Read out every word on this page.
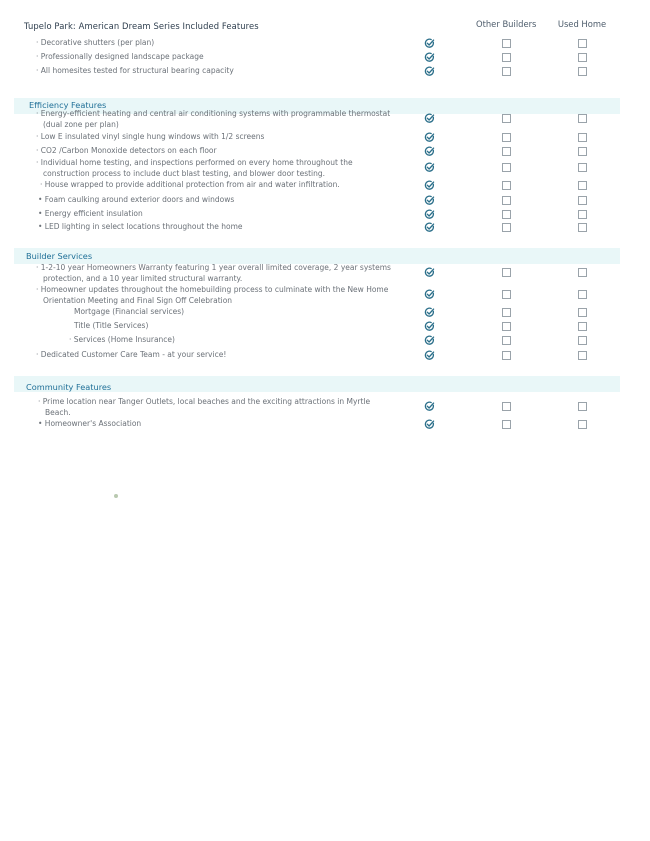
Tupelo Park: American Dream Series Included Features	Other Builders	Used Home
Efficiency Features
Builder Services
Community Features
· Decorative shutters (per plan)
· Professionally designed landscape package
· All homesites tested for structural bearing capacity
· Energy-efficient heating and central air conditioning systems with programmable thermostat
(dual zone per plan)
· Low E insulated vinyl single hung windows with 1/2 screens
· CO2 /Carbon Monoxide detectors on each floor
· Individual home testing, and inspections performed on every home throughout the
construction process to include duct blast testing, and blower door testing.
· House wrapped to provide additional protection from air and water infiltration.
• Foam caulking around exterior doors and windows
• Energy efficient insulation
• LED lighting in select locations throughout the home
· 1-2-10 year Homeowners Warranty featuring 1 year overall limited coverage, 2 year systems
protection, and a 10 year limited structural warranty.
· Homeowner updates throughout the homebuilding process to culminate with the New Home
Orientation Meeting and Final Sign Off Celebration
Mortgage (Financial services)
Title (Title Services)
· Services (Home Insurance)
· Dedicated Customer Care Team - at your service!
· Prime location near Tanger Outlets, local beaches and the exciting attractions in Myrtle
Beach.
• Homeowner's Association
